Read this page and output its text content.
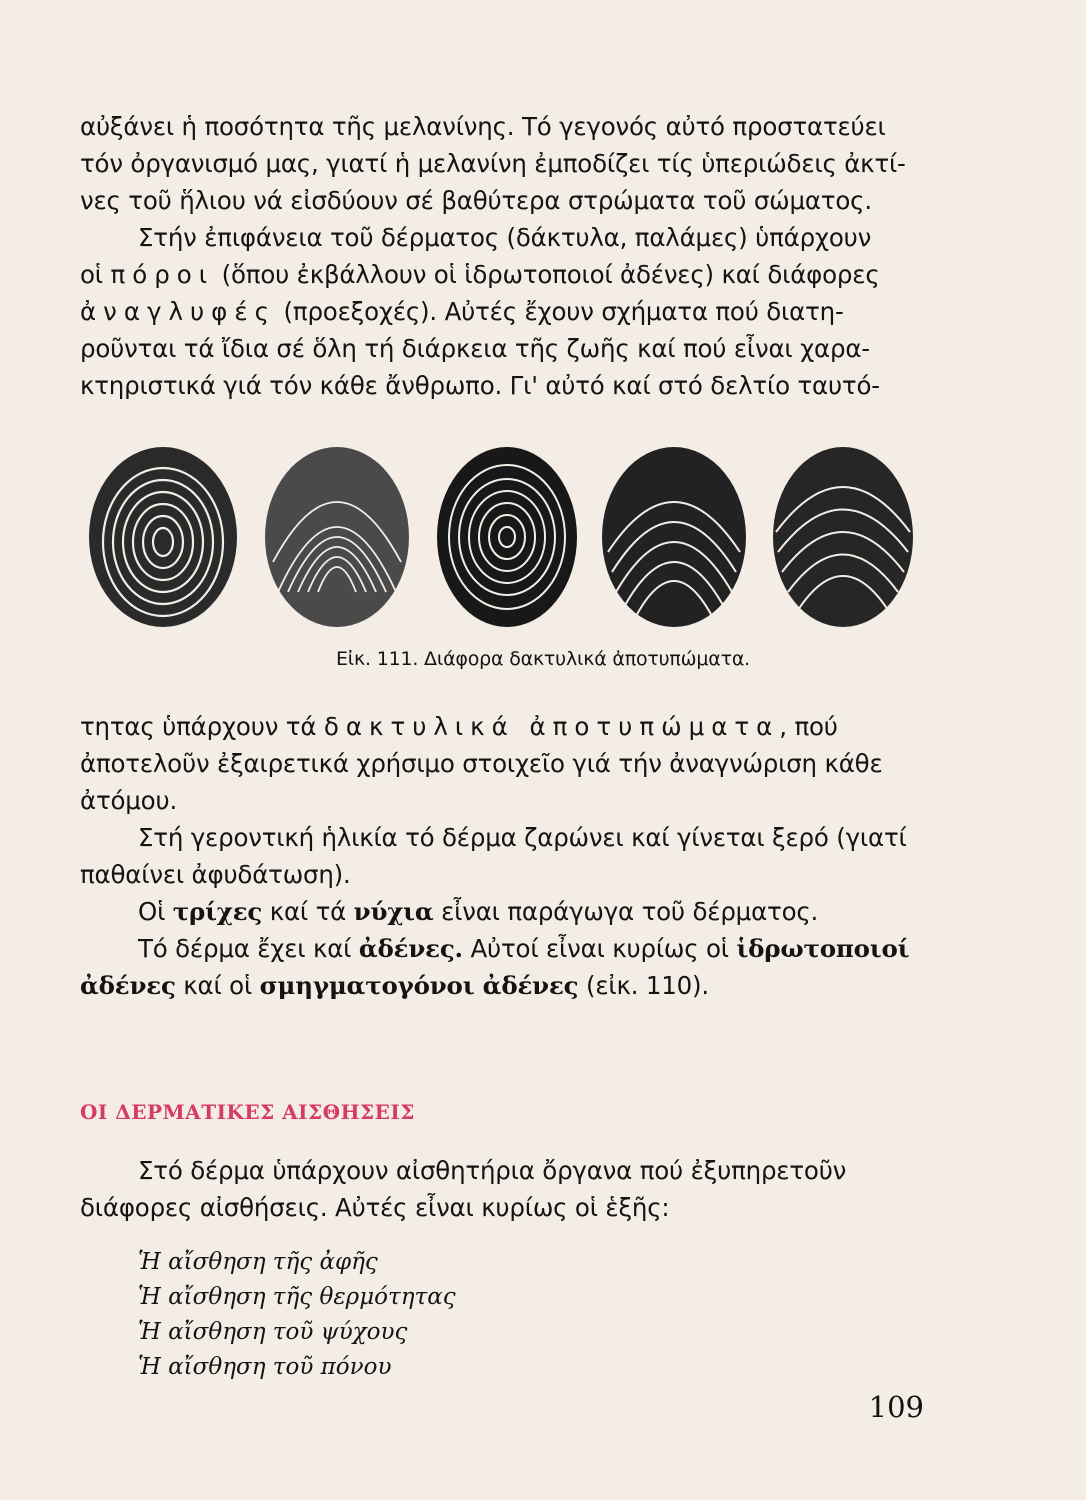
αὐξάνει ἡ ποσότητα τῆς μελανίνης. Τό γεγονός αὐτό προστατεύει

τόν ὀργανισμό μας, γιατί ἡ μελανίνη ἐμποδίζει τίς ὑπεριώδεις ἀκτί-

νες τοῦ ἥλιου νά εἰσδύουν σέ βαθύτερα στρώματα τοῦ σώματος.

Στήν ἐπιφάνεια τοῦ δέρματος (δάκτυλα, παλάμες) ὑπάρχουν

οἱ πόροι (ὅπου ἐκβάλλουν οἱ ἱδρωτοποιοί ἀδένες) καί διάφορες

ἀναγλυφές (προεξοχές). Αὐτές ἔχουν σχήματα πού διατη-

ροῦνται τά ἴδια σέ ὅλη τή διάρκεια τῆς ζωῆς καί πού εἶναι χαρα-

κτηριστικά γιά τόν κάθε ἄνθρωπο. Γι' αὐτό καί στό δελτίο ταυτό-

Εἰκ. 111. Διάφορα δακτυλικά ἀποτυπώματα.

τητας ὑπάρχουν τά δακτυλικά ἀποτυπώματα, πού

ἀποτελοῦν ἐξαιρετικά χρήσιμο στοιχεῖο γιά τήν ἀναγνώριση κάθε

ἀτόμου.

Στή γεροντική ἡλικία τό δέρμα ζαρώνει καί γίνεται ξερό (γιατί

παθαίνει ἀφυδάτωση).

Οἱ τρίχες καί τά νύχια εἶναι παράγωγα τοῦ δέρματος.

Τό δέρμα ἔχει καί ἀδένες. Αὐτοί εἶναι κυρίως οἱ ἱδρωτοποιοί

ἀδένες καί οἱ σμηγματογόνοι ἀδένες (εἰκ. 110).

ΟΙ ΔΕΡΜΑΤΙΚΕΣ ΑΙΣΘΗΣΕΙΣ

Στό δέρμα ὑπάρχουν αἰσθητήρια ὄργανα πού ἐξυπηρετοῦν

διάφορες αἰσθήσεις. Αὐτές εἶναι κυρίως οἱ ἑξῆς:

Ἡ αἴσθηση τῆς ἀφῆς
Ἡ αἴσθηση τῆς θερμότητας
Ἡ αἴσθηση τοῦ ψύχους
Ἡ αἴσθηση τοῦ πόνου
109
